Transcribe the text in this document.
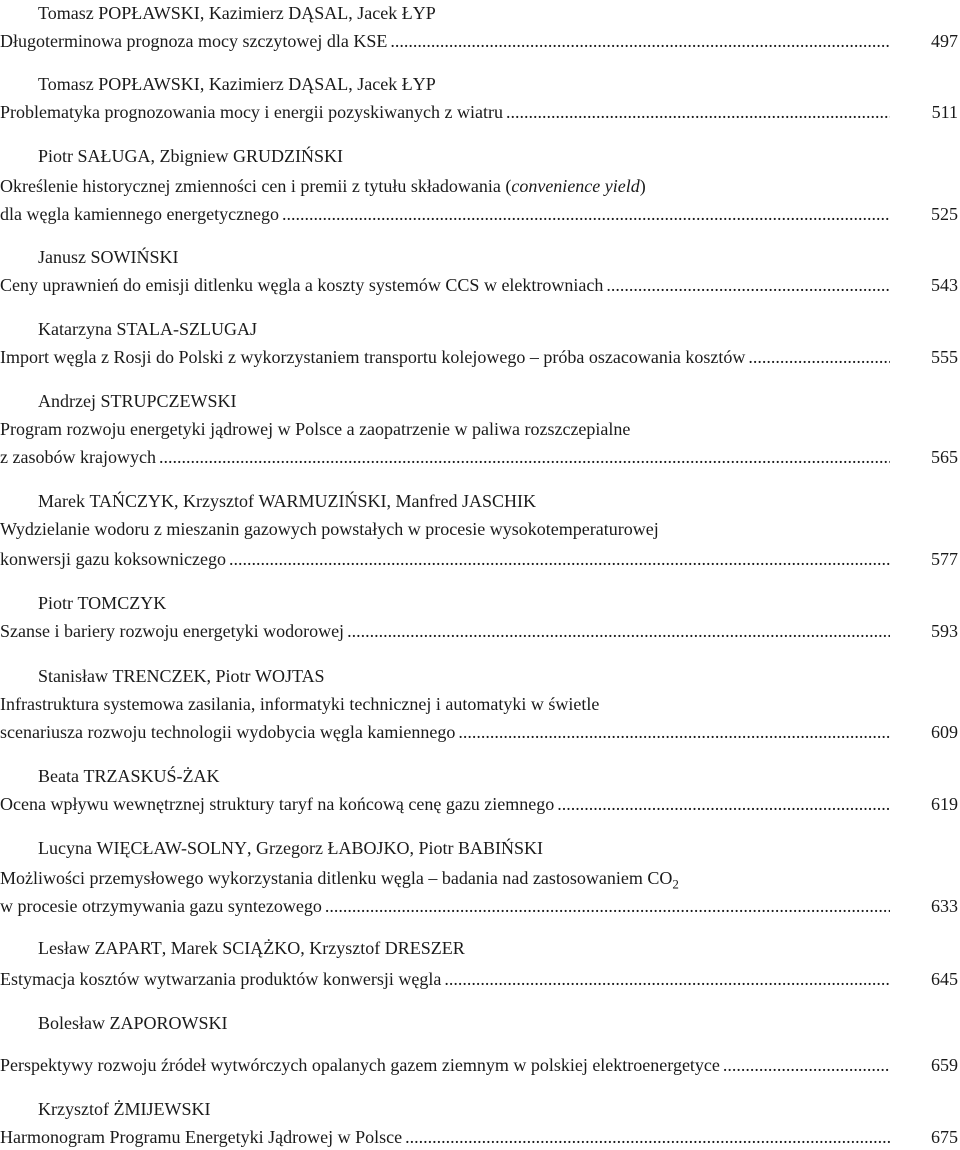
Tomasz POPŁAWSKI, Kazimierz DĄSAL, Jacek ŁYP
Długoterminowa prognoza mocy szczytowej dla KSE .....	497
Tomasz POPŁAWSKI, Kazimierz DĄSAL, Jacek ŁYP
Problematyka prognozowania mocy i energii pozyskiwanych z wiatru .....	511
Piotr SAŁUGA, Zbigniew GRUDZIŃSKI
Określenie historycznej zmienności cen i premii z tytułu składowania (convenience yield)
dla węgla kamiennego energetycznego .....	525
Janusz SOWIŃSKI
Ceny uprawnień do emisji ditlenku węgla a koszty systemów CCS w elektrowniach .....	543
Katarzyna STALA-SZLUGAJ
Import węgla z Rosji do Polski z wykorzystaniem transportu kolejowego – próba oszacowania kosztów .....	555
Andrzej STRUPCZEWSKI
Program rozwoju energetyki jądrowej w Polsce a zaopatrzenie w paliwa rozszczepialne
z zasobów krajowych .....	565
Marek TAŃCZYK, Krzysztof WARMUZIŃSKI, Manfred JASCHIK
Wydzielanie wodoru z mieszanin gazowych powstałych w procesie wysokotemperaturowej
konwersji gazu koksowniczego .....	577
Piotr TOMCZYK
Szanse i bariery rozwoju energetyki wodorowej .....	593
Stanisław TRENCZEK, Piotr WOJTAS
Infrastruktura systemowa zasilania, informatyki technicznej i automatyki w świetle
scenariusza rozwoju technologii wydobycia węgla kamiennego .....	609
Beata TRZASKUŚ-ŻAK
Ocena wpływu wewnętrznej struktury taryf na końcową cenę gazu ziemnego .....	619
Lucyna WIĘCŁAW-SOLNY, Grzegorz ŁABOJKO, Piotr BABIŃSKI
Możliwości przemysłowego wykorzystania ditlenku węgla – badania nad zastosowaniem $CO_2$
w procesie otrzymywania gazu syntezowego .....	633
Lesław ZAPART, Marek SCIĄŻKO, Krzysztof DRESZER
Estymacja kosztów wytwarzania produktów konwersji węgla .....	645
Bolesław ZAPOROWSKI
Perspektywy rozwoju źródeł wytwórczych opalanych gazem ziemnym w polskiej elektroenergetyce .....	659
Krzysztof ŻMIJEWSKI
Harmonogram Programu Energetyki Jądrowej w Polsce .....	675
